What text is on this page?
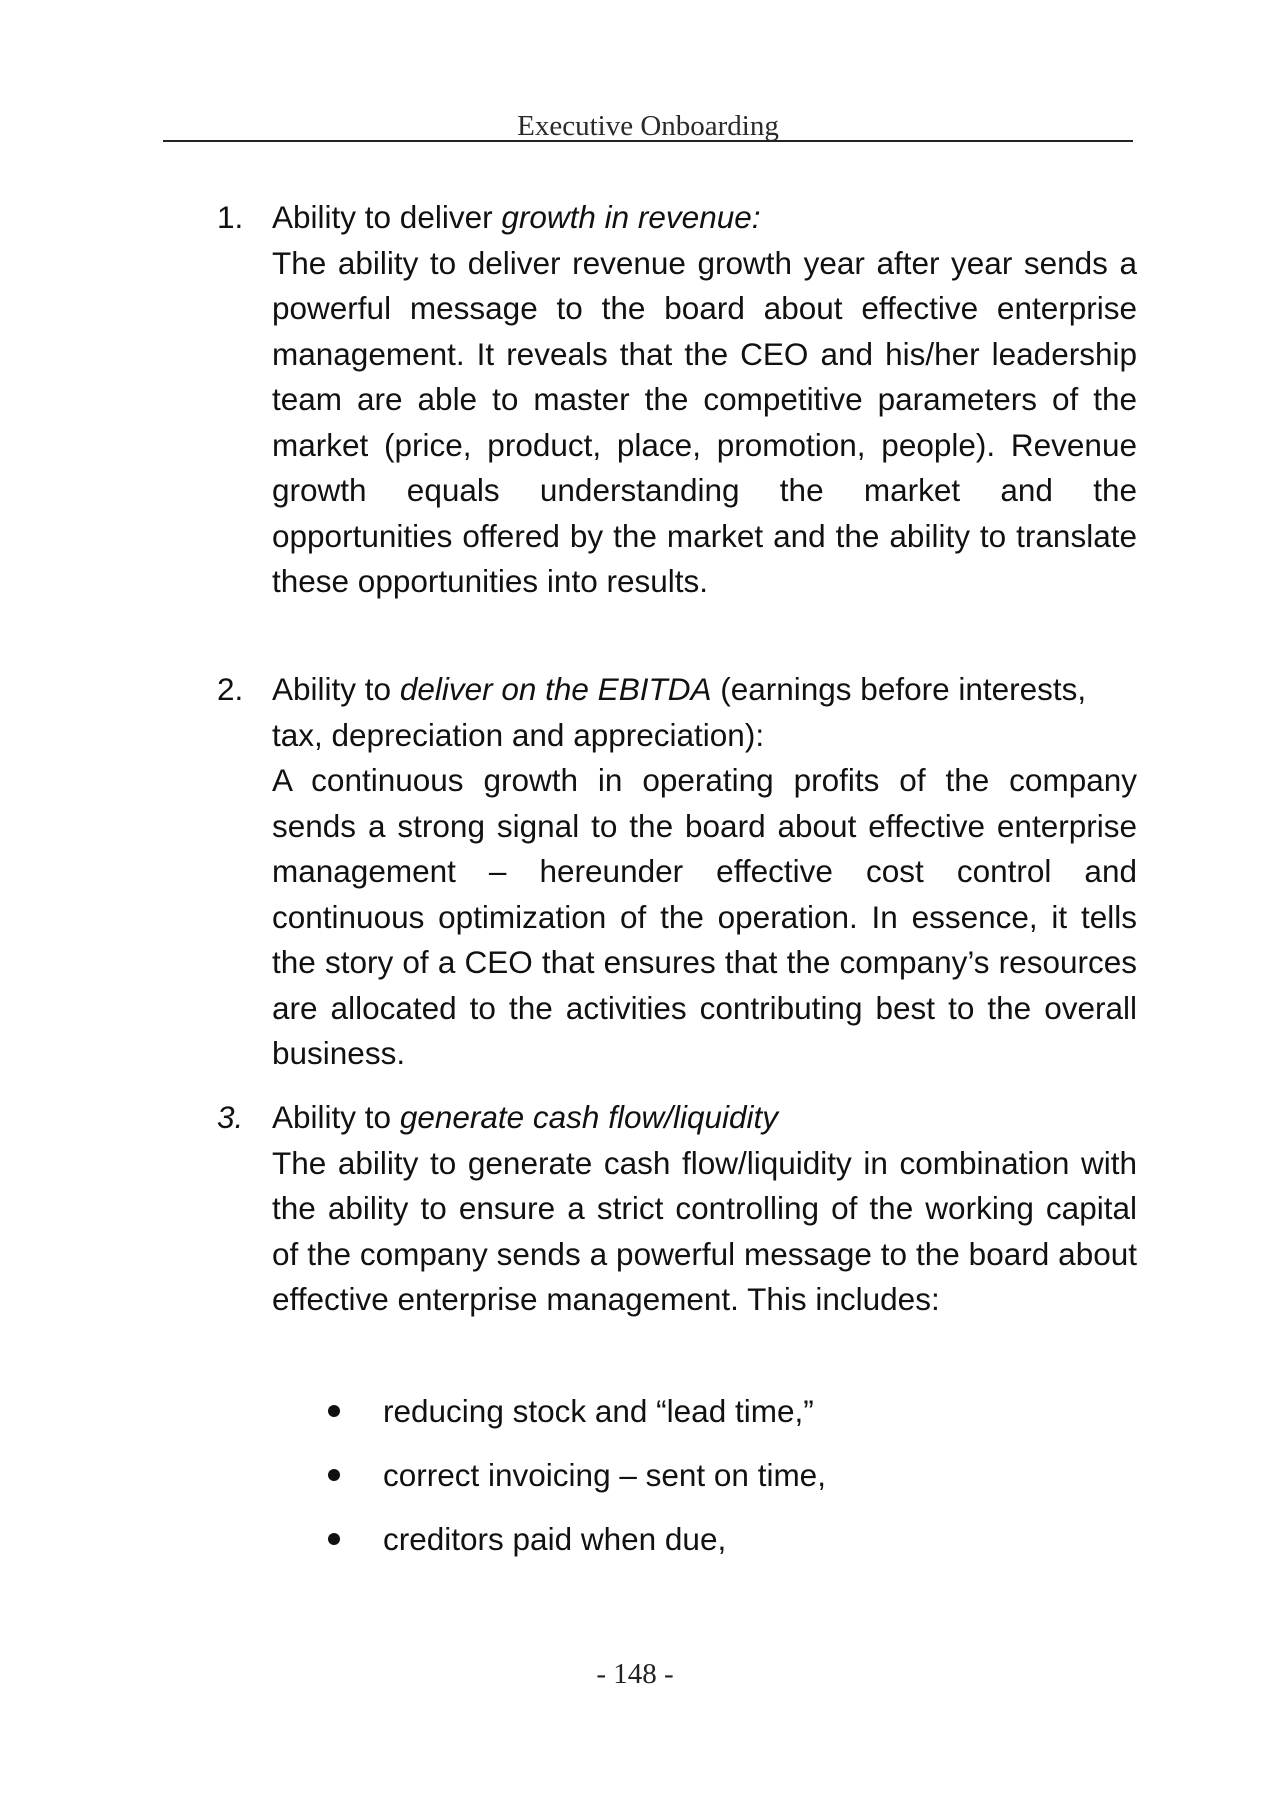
Executive Onboarding
1. Ability to deliver growth in revenue:
The ability to deliver revenue growth year after year sends a powerful message to the board about effective enterprise management. It reveals that the CEO and his/her leadership team are able to master the competitive parameters of the market (price, product, place, promotion, people). Revenue growth equals understanding the market and the opportunities offered by the market and the ability to translate these opportunities into results.
2. Ability to deliver on the EBITDA (earnings before interests, tax, depreciation and appreciation):
A continuous growth in operating profits of the company sends a strong signal to the board about effective enterprise management – hereunder effective cost control and continuous optimization of the operation. In essence, it tells the story of a CEO that ensures that the company’s resources are allocated to the activities contributing best to the overall business.
3. Ability to generate cash flow/liquidity
The ability to generate cash flow/liquidity in combination with the ability to ensure a strict controlling of the working capital of the company sends a powerful message to the board about effective enterprise management. This includes:
reducing stock and “lead time,”
correct invoicing – sent on time,
creditors paid when due,
- 148 -
